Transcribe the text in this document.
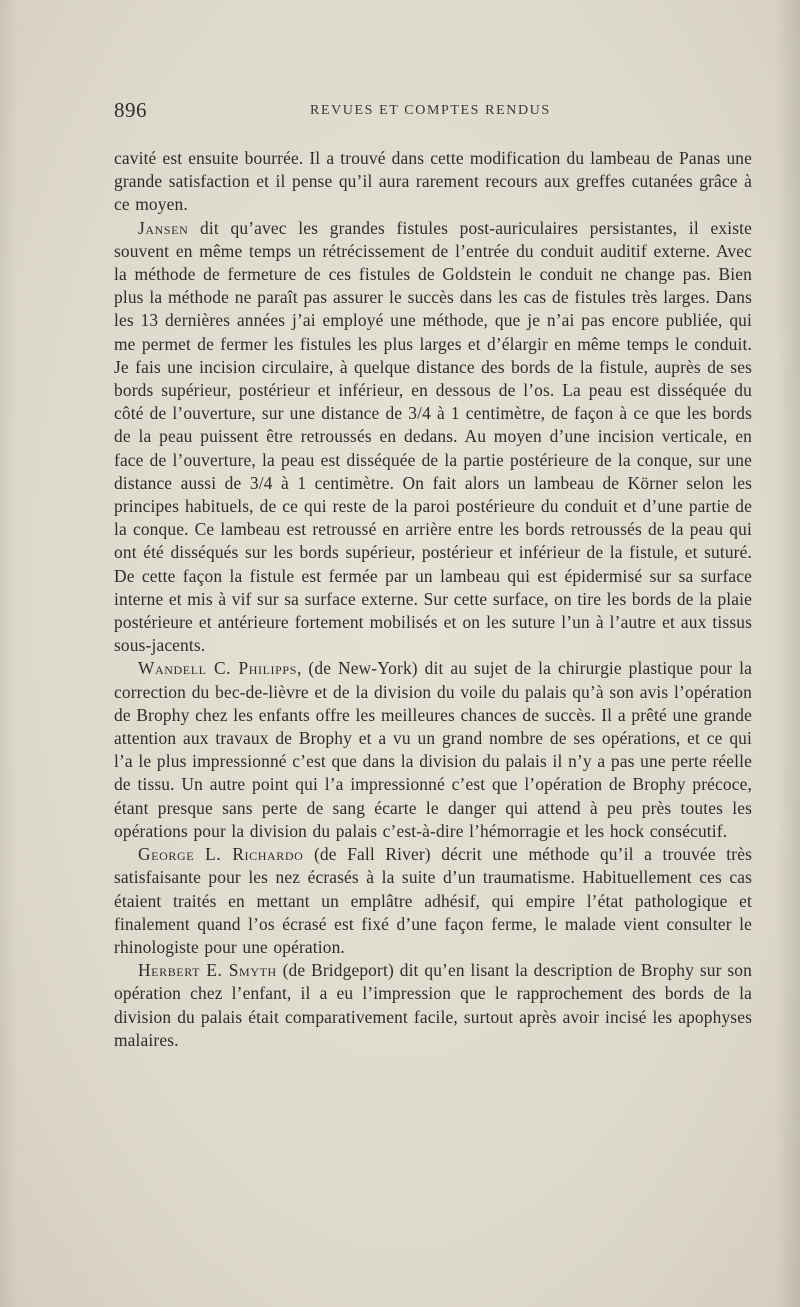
896	REVUES ET COMPTES RENDUS

cavité est ensuite bourrée. Il a trouvé dans cette modification du lambeau de Panas une grande satisfaction et il pense qu’il aura rarement recours aux greffes cutanées grâce à ce moyen.

Jansen dit qu’avec les grandes fistules post-auriculaires persistantes, il existe souvent en même temps un rétrécissement de l’entrée du conduit auditif externe. Avec la méthode de fermeture de ces fistules de Goldstein le conduit ne change pas. Bien plus la méthode ne paraît pas assurer le succès dans les cas de fistules très larges. Dans les 13 dernières années j’ai employé une méthode, que je n’ai pas encore publiée, qui me permet de fermer les fistules les plus larges et d’élargir en même temps le conduit. Je fais une incision circulaire, à quelque distance des bords de la fistule, auprès de ses bords supérieur, postérieur et inférieur, en dessous de l’os. La peau est disséquée du côté de l’ouverture, sur une distance de 3/4 à 1 centimètre, de façon à ce que les bords de la peau puissent être retroussés en dedans. Au moyen d’une incision verticale, en face de l’ouverture, la peau est disséquée de la partie postérieure de la conque, sur une distance aussi de 3/4 à 1 centimètre. On fait alors un lambeau de Körner selon les principes habituels, de ce qui reste de la paroi postérieure du conduit et d’une partie de la conque. Ce lambeau est retroussé en arrière entre les bords retroussés de la peau qui ont été disséqués sur les bords supérieur, postérieur et inférieur de la fistule, et suturé. De cette façon la fistule est fermée par un lambeau qui est épidermisé sur sa surface interne et mis à vif sur sa surface externe. Sur cette surface, on tire les bords de la plaie postérieure et antérieure fortement mobilisés et on les suture l’un à l’autre et aux tissus sous-jacents.

Wandell C. Philipps, (de New-York) dit au sujet de la chirurgie plastique pour la correction du bec-de-lièvre et de la division du voile du palais qu’à son avis l’opération de Brophy chez les enfants offre les meilleures chances de succès. Il a prêté une grande attention aux travaux de Brophy et a vu un grand nombre de ses opérations, et ce qui l’a le plus impressionné c’est que dans la division du palais il n’y a pas une perte réelle de tissu. Un autre point qui l’a impressionné c’est que l’opération de Brophy précoce, étant presque sans perte de sang écarte le danger qui attend à peu près toutes les opérations pour la division du palais c’est-à-dire l’hémorragie et les hock consécutif.

George L. Richardo (de Fall River) décrit une méthode qu’il a trouvée très satisfaisante pour les nez écrasés à la suite d’un traumatisme. Habituellement ces cas étaient traités en mettant un emplâtre adhésif, qui empire l’état pathologique et finalement quand l’os écrasé est fixé d’une façon ferme, le malade vient consulter le rhinologiste pour une opération.

Herbert E. Smyth (de Bridgeport) dit qu’en lisant la description de Brophy sur son opération chez l’enfant, il a eu l’impression que le rapprochement des bords de la division du palais était comparativement facile, surtout après avoir incisé les apophyses malaires.
